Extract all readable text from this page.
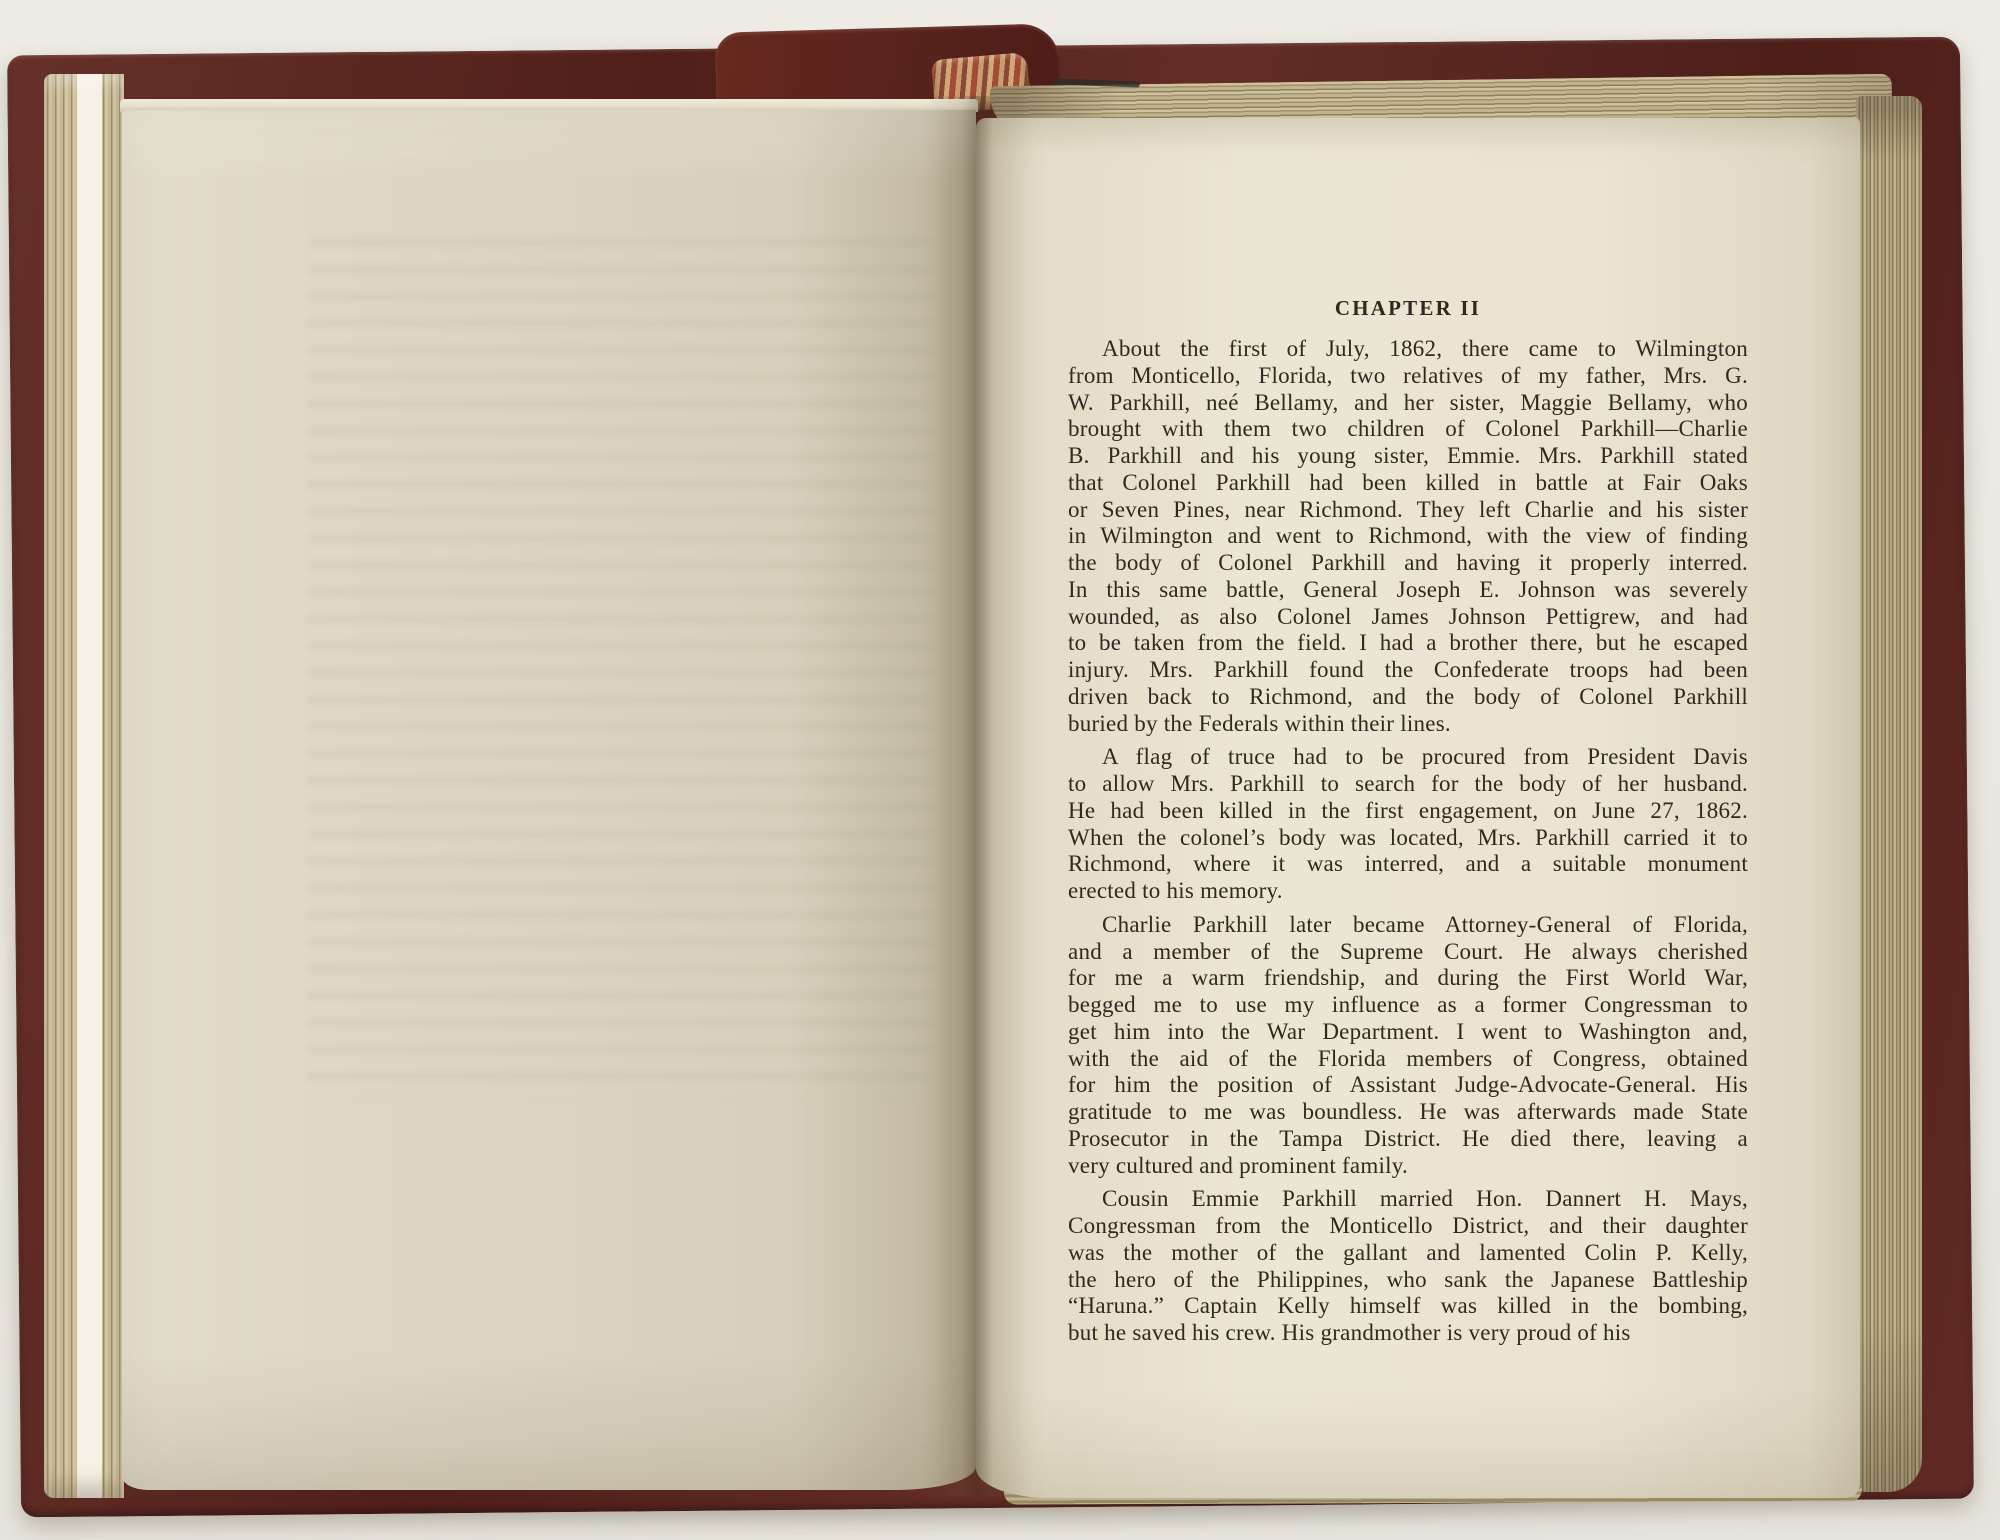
CHAPTER II
About the first of July, 1862, there came to Wilmington
from Monticello, Florida, two relatives of my father, Mrs. G.
W. Parkhill, neé Bellamy, and her sister, Maggie Bellamy, who
brought with them two children of Colonel Parkhill—Charlie
B. Parkhill and his young sister, Emmie. Mrs. Parkhill stated
that Colonel Parkhill had been killed in battle at Fair Oaks
or Seven Pines, near Richmond. They left Charlie and his sister
in Wilmington and went to Richmond, with the view of finding
the body of Colonel Parkhill and having it properly interred.
In this same battle, General Joseph E. Johnson was severely
wounded, as also Colonel James Johnson Pettigrew, and had
to be taken from the field. I had a brother there, but he escaped
injury. Mrs. Parkhill found the Confederate troops had been
driven back to Richmond, and the body of Colonel Parkhill
buried by the Federals within their lines.
A flag of truce had to be procured from President Davis
to allow Mrs. Parkhill to search for the body of her husband.
He had been killed in the first engagement, on June 27, 1862.
When the colonel’s body was located, Mrs. Parkhill carried it to
Richmond, where it was interred, and a suitable monument
erected to his memory.
Charlie Parkhill later became Attorney-General of Florida,
and a member of the Supreme Court. He always cherished
for me a warm friendship, and during the First World War,
begged me to use my influence as a former Congressman to
get him into the War Department. I went to Washington and,
with the aid of the Florida members of Congress, obtained
for him the position of Assistant Judge-Advocate-General. His
gratitude to me was boundless. He was afterwards made State
Prosecutor in the Tampa District. He died there, leaving a
very cultured and prominent family.
Cousin Emmie Parkhill married Hon. Dannert H. Mays,
Congressman from the Monticello District, and their daughter
was the mother of the gallant and lamented Colin P. Kelly,
the hero of the Philippines, who sank the Japanese Battleship
“Haruna.” Captain Kelly himself was killed in the bombing,
but he saved his crew. His grandmother is very proud of his
